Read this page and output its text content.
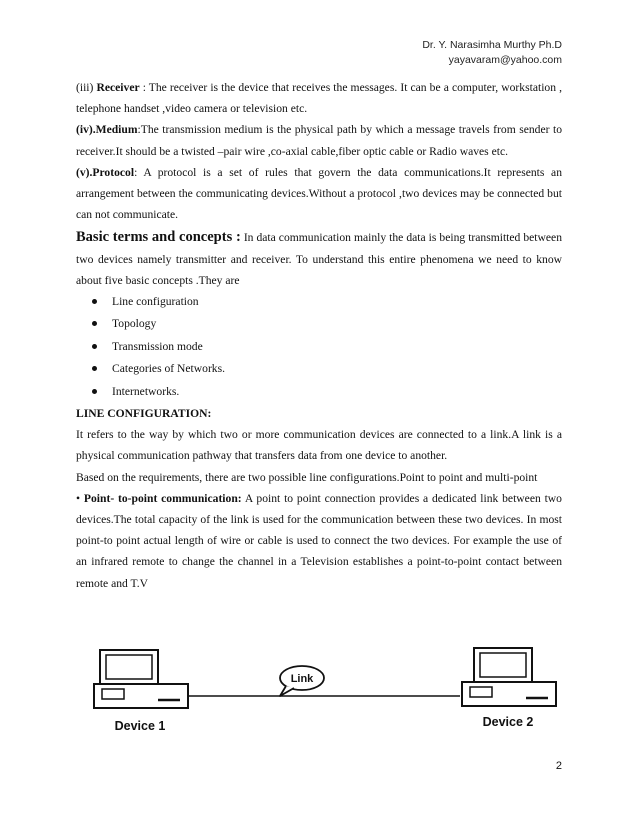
Dr. Y. Narasimha Murthy Ph.D
yayavaram@yahoo.com

(iii) Receiver : The receiver is the device that receives the messages. It can be a computer, workstation , telephone handset ,video camera or television etc.

(iv).Medium:The transmission medium is the physical path by which a message travels from sender to receiver.It should be a twisted –pair wire ,co-axial cable,fiber optic cable or Radio waves etc.

(v).Protocol: A protocol is a set of rules that govern the data communications.It represents an arrangement between the communicating devices.Without a protocol ,two devices may be connected but can not communicate.

Basic terms and concepts : In data communication mainly the data is being transmitted between two devices namely transmitter and receiver. To understand this entire phenomena we need to know about five basic concepts .They are

Line configuration
Topology
Transmission mode
Categories of Networks.
Internetworks.

LINE CONFIGURATION:

It refers to the way by which two or more communication devices are connected to a link.A link is a physical communication pathway that transfers data from one device to another.

Based on the requirements, there are two possible line configurations.Point to point and multi-point

• Point- to-point communication: A point to point connection provides a dedicated link between two devices.The total capacity of the link is used for the communication between these two devices. In most point-to point actual length of wire or cable is used to connect the two devices. For example the use of an infrared remote to change the channel in a Television establishes a point-to-point contact between remote and T.V

Link
Device 1	Device 2
2
